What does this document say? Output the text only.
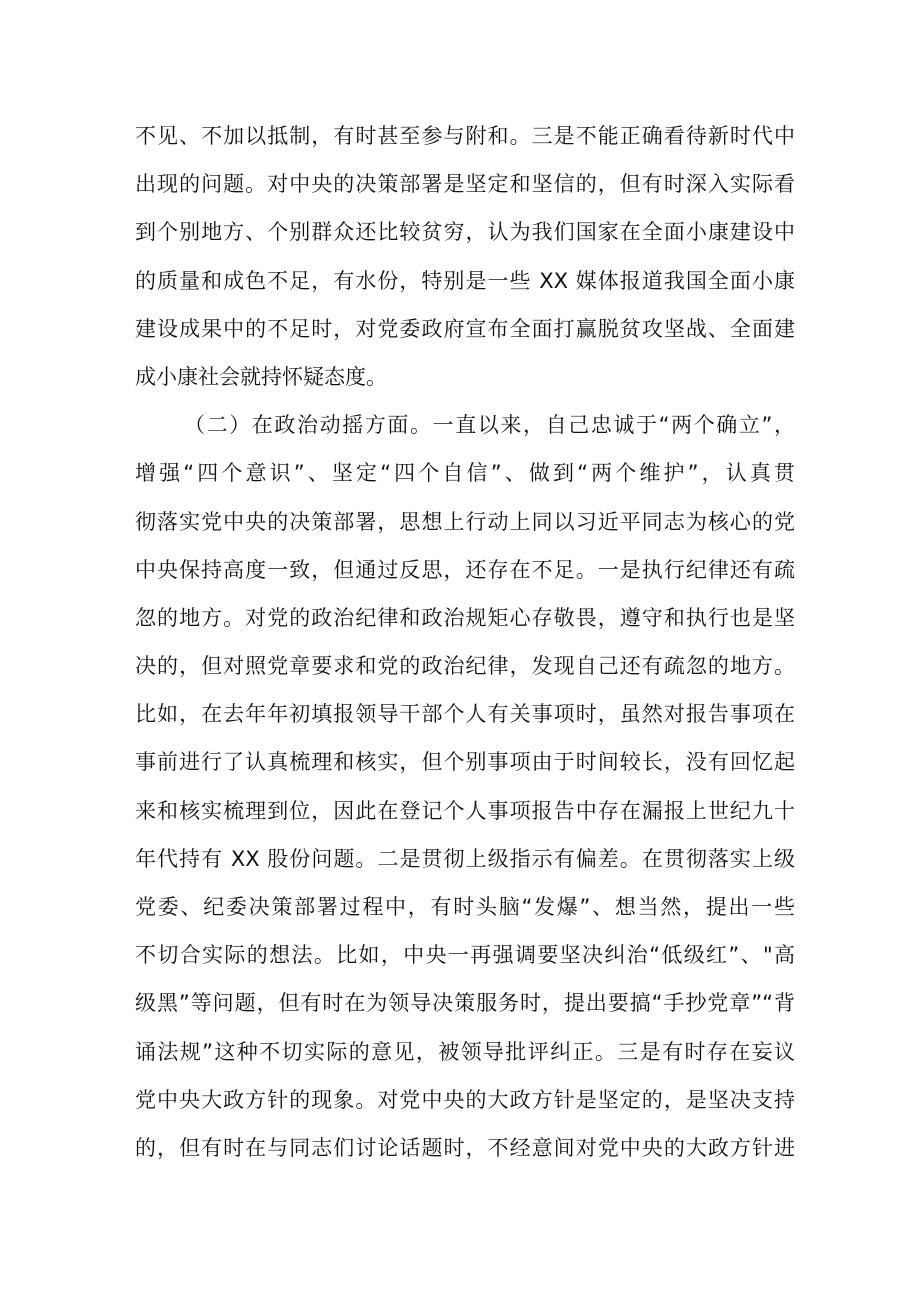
不见、不加以抵制，有时甚至参与附和。三是不能正确看待新时代中
出现的问题。对中央的决策部署是坚定和坚信的，但有时深入实际看
到个别地方、个别群众还比较贫穷，认为我们国家在全面小康建设中
的质量和成色不足，有水份，特别是一些 XX 媒体报道我国全面小康
建设成果中的不足时，对党委政府宣布全面打赢脱贫攻坚战、全面建
成小康社会就持怀疑态度。
（二）在政治动摇方面。一直以来，自己忠诚于“两个确立”，
增强“四个意识”、坚定“四个自信”、做到“两个维护”，认真贯
彻落实党中央的决策部署，思想上行动上同以习近平同志为核心的党
中央保持高度一致，但通过反思，还存在不足。一是执行纪律还有疏
忽的地方。对党的政治纪律和政治规矩心存敬畏，遵守和执行也是坚
决的，但对照党章要求和党的政治纪律，发现自己还有疏忽的地方。
比如，在去年年初填报领导干部个人有关事项时，虽然对报告事项在
事前进行了认真梳理和核实，但个别事项由于时间较长，没有回忆起
来和核实梳理到位，因此在登记个人事项报告中存在漏报上世纪九十
年代持有 XX 股份问题。二是贯彻上级指示有偏差。在贯彻落实上级
党委、纪委决策部署过程中，有时头脑“发爆”、想当然，提出一些
不切合实际的想法。比如，中央一再强调要坚决纠治“低级红”、"高
级黑”等问题，但有时在为领导决策服务时，提出要搞“手抄党章”“背
诵法规”这种不切实际的意见，被领导批评纠正。三是有时存在妄议
党中央大政方针的现象。对党中央的大政方针是坚定的，是坚决支持
的，但有时在与同志们讨论话题时，不经意间对党中央的大政方针进
